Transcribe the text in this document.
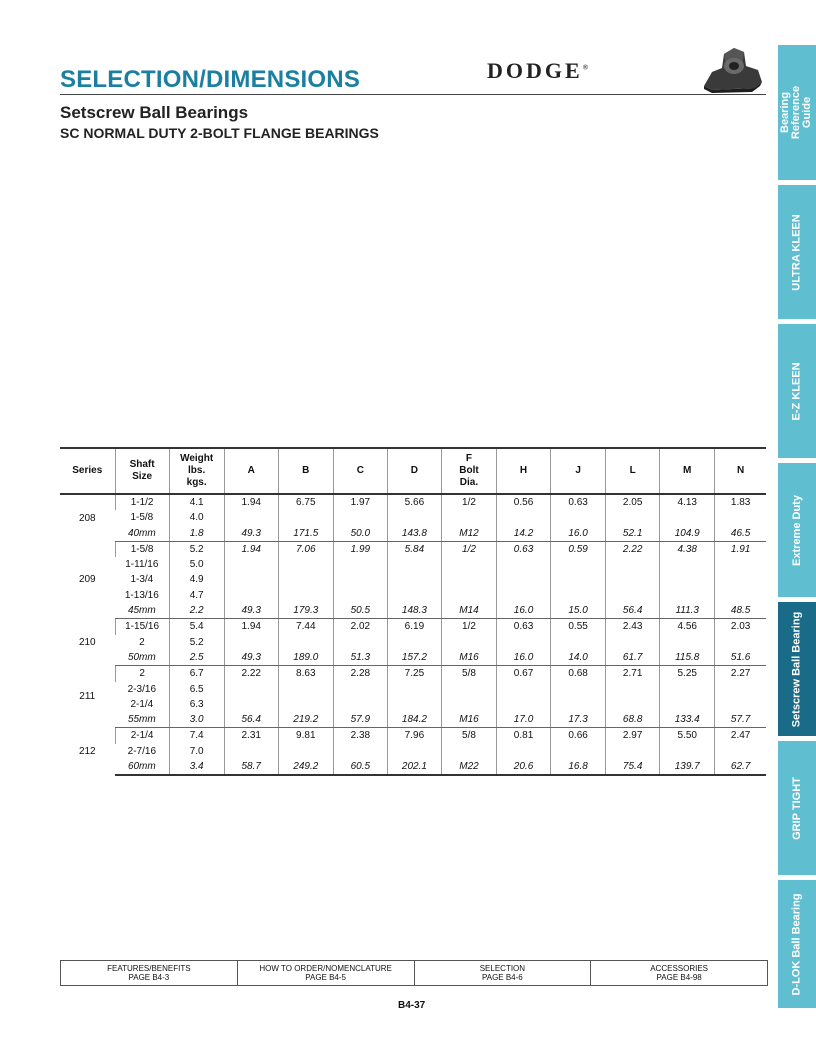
SELECTION/DIMENSIONS	DODGE®
Setscrew Ball Bearings
SC NORMAL DUTY 2-BOLT FLANGE BEARINGS
Bearing Reference
Guide
ULTRA KLEEN
E-Z KLEEN
Extreme Duty
Setscrew Ball Bearing
GRIP TIGHT
D-LOK Ball Bearing
Series	Shaft
Size	Weight
lbs.
kgs.	A	B	C	D	F
Bolt
Dia.	H	J	L	M	N
208	1-1/2	4.1	1.94	6.75	1.97	5.66	1/2	0.56	0.63	2.05	4.13	1.83
	1-5/8	4.0										
	40mm	1.8	49.3	171.5	50.0	143.8	M12	14.2	16.0	52.1	104.9	46.5
209	1-5/8	5.2	1.94	7.06	1.99	5.84	1/2	0.63	0.59	2.22	4.38	1.91
	1-11/16	5.0										
	1-3/4	4.9										
	1-13/16	4.7										
	45mm	2.2	49.3	179.3	50.5	148.3	M14	16.0	15.0	56.4	111.3	48.5
210	1-15/16	5.4	1.94	7.44	2.02	6.19	1/2	0.63	0.55	2.43	4.56	2.03
	2	5.2										
	50mm	2.5	49.3	189.0	51.3	157.2	M16	16.0	14.0	61.7	115.8	51.6
211	2	6.7	2.22	8.63	2.28	7.25	5/8	0.67	0.68	2.71	5.25	2.27
	2-3/16	6.5										
	2-1/4	6.3										
	55mm	3.0	56.4	219.2	57.9	184.2	M16	17.0	17.3	68.8	133.4	57.7
212	2-1/4	7.4	2.31	9.81	2.38	7.96	5/8	0.81	0.66	2.97	5.50	2.47
	2-7/16	7.0										
	60mm	3.4	58.7	249.2	60.5	202.1	M22	20.6	16.8	75.4	139.7	62.7
FEATURES/BENEFITS
PAGE B4-3
HOW TO ORDER/NOMENCLATURE
PAGE B4-5
SELECTION
PAGE B4-6
ACCESSORIES
PAGE B4-98
B4-37
